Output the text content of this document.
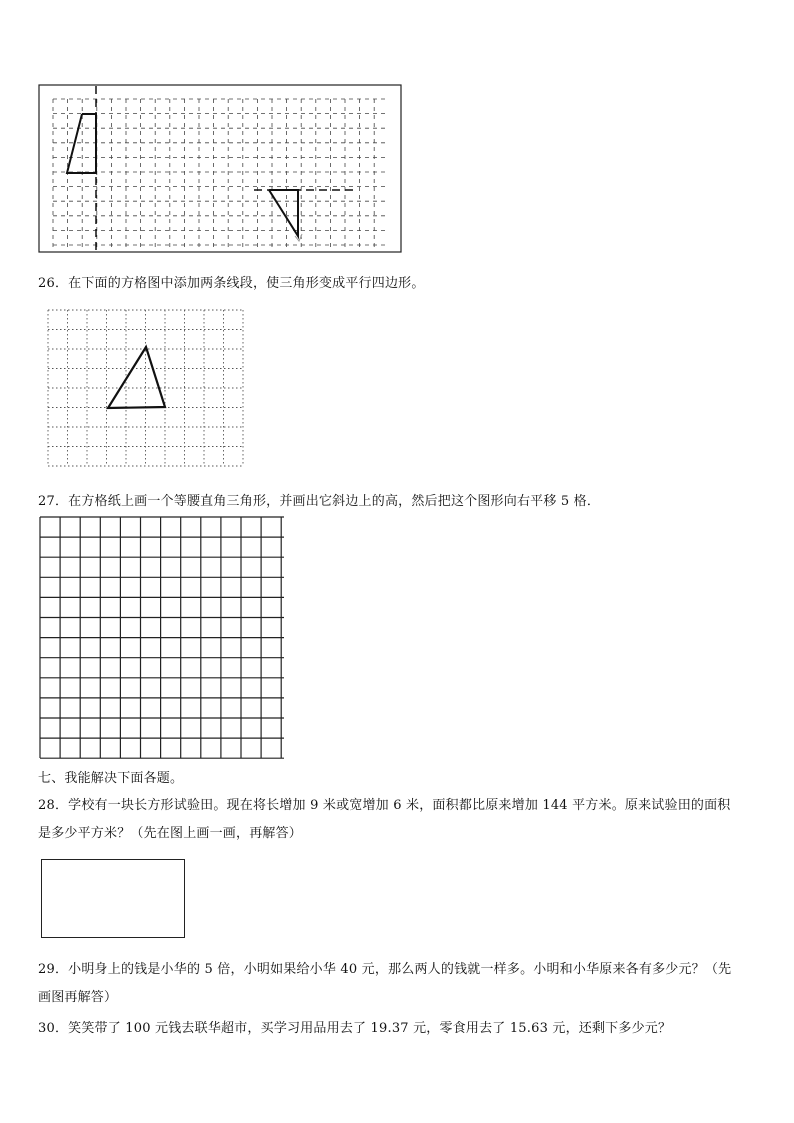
26．在下面的方格图中添加两条线段，使三角形变成平行四边形。
27．在方格纸上画一个等腰直角三角形，并画出它斜边上的高，然后把这个图形向右平移 5 格．
七、我能解决下面各题。
28．学校有一块长方形试验田。现在将长增加 9 米或宽增加 6 米，面积都比原来增加 144 平方米。原来试验田的面积
是多少平方米？（先在图上画一画，再解答）
29．小明身上的钱是小华的 5 倍，小明如果给小华 40 元，那么两人的钱就一样多。小明和小华原来各有多少元？（先
画图再解答）
30．笑笑带了 100 元钱去联华超市，买学习用品用去了 19.37 元，零食用去了 15.63 元，还剩下多少元？
